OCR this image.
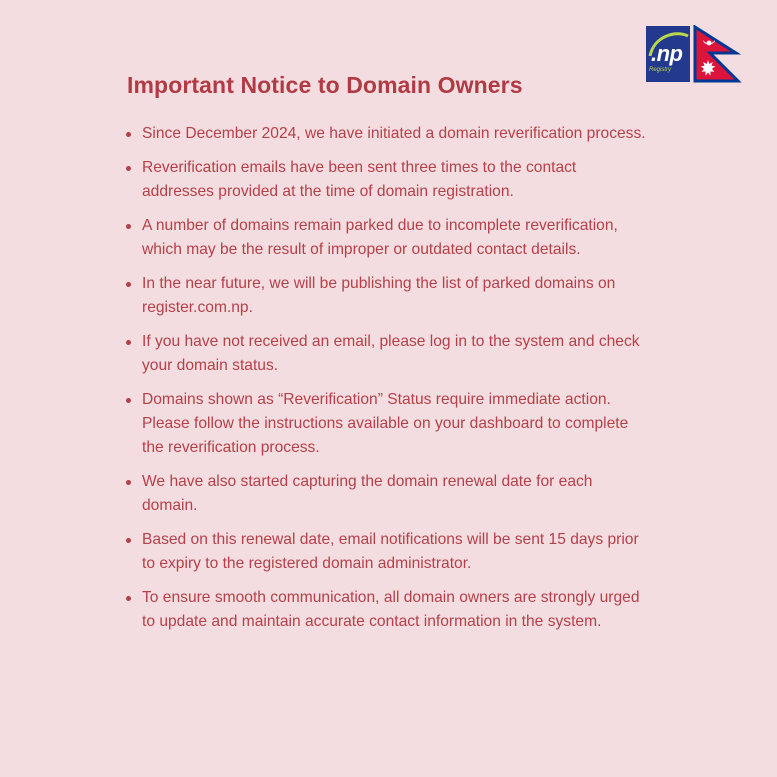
.np
Registry
Important Notice to Domain Owners
Since December 2024, we have initiated a domain reverification process.
Reverification emails have been sent three times to the contact addresses provided at the time of domain registration.
A number of domains remain parked due to incomplete reverification, which may be the result of improper or outdated contact details.
In the near future, we will be publishing the list of parked domains on register.com.np.
If you have not received an email, please log in to the system and check your domain status.
Domains shown as “Reverification” Status require immediate action. Please follow the instructions available on your dashboard to complete the reverification process.
We have also started capturing the domain renewal date for each domain.
Based on this renewal date, email notifications will be sent 15 days prior to expiry to the registered domain administrator.
To ensure smooth communication, all domain owners are strongly urged to update and maintain accurate contact information in the system.
